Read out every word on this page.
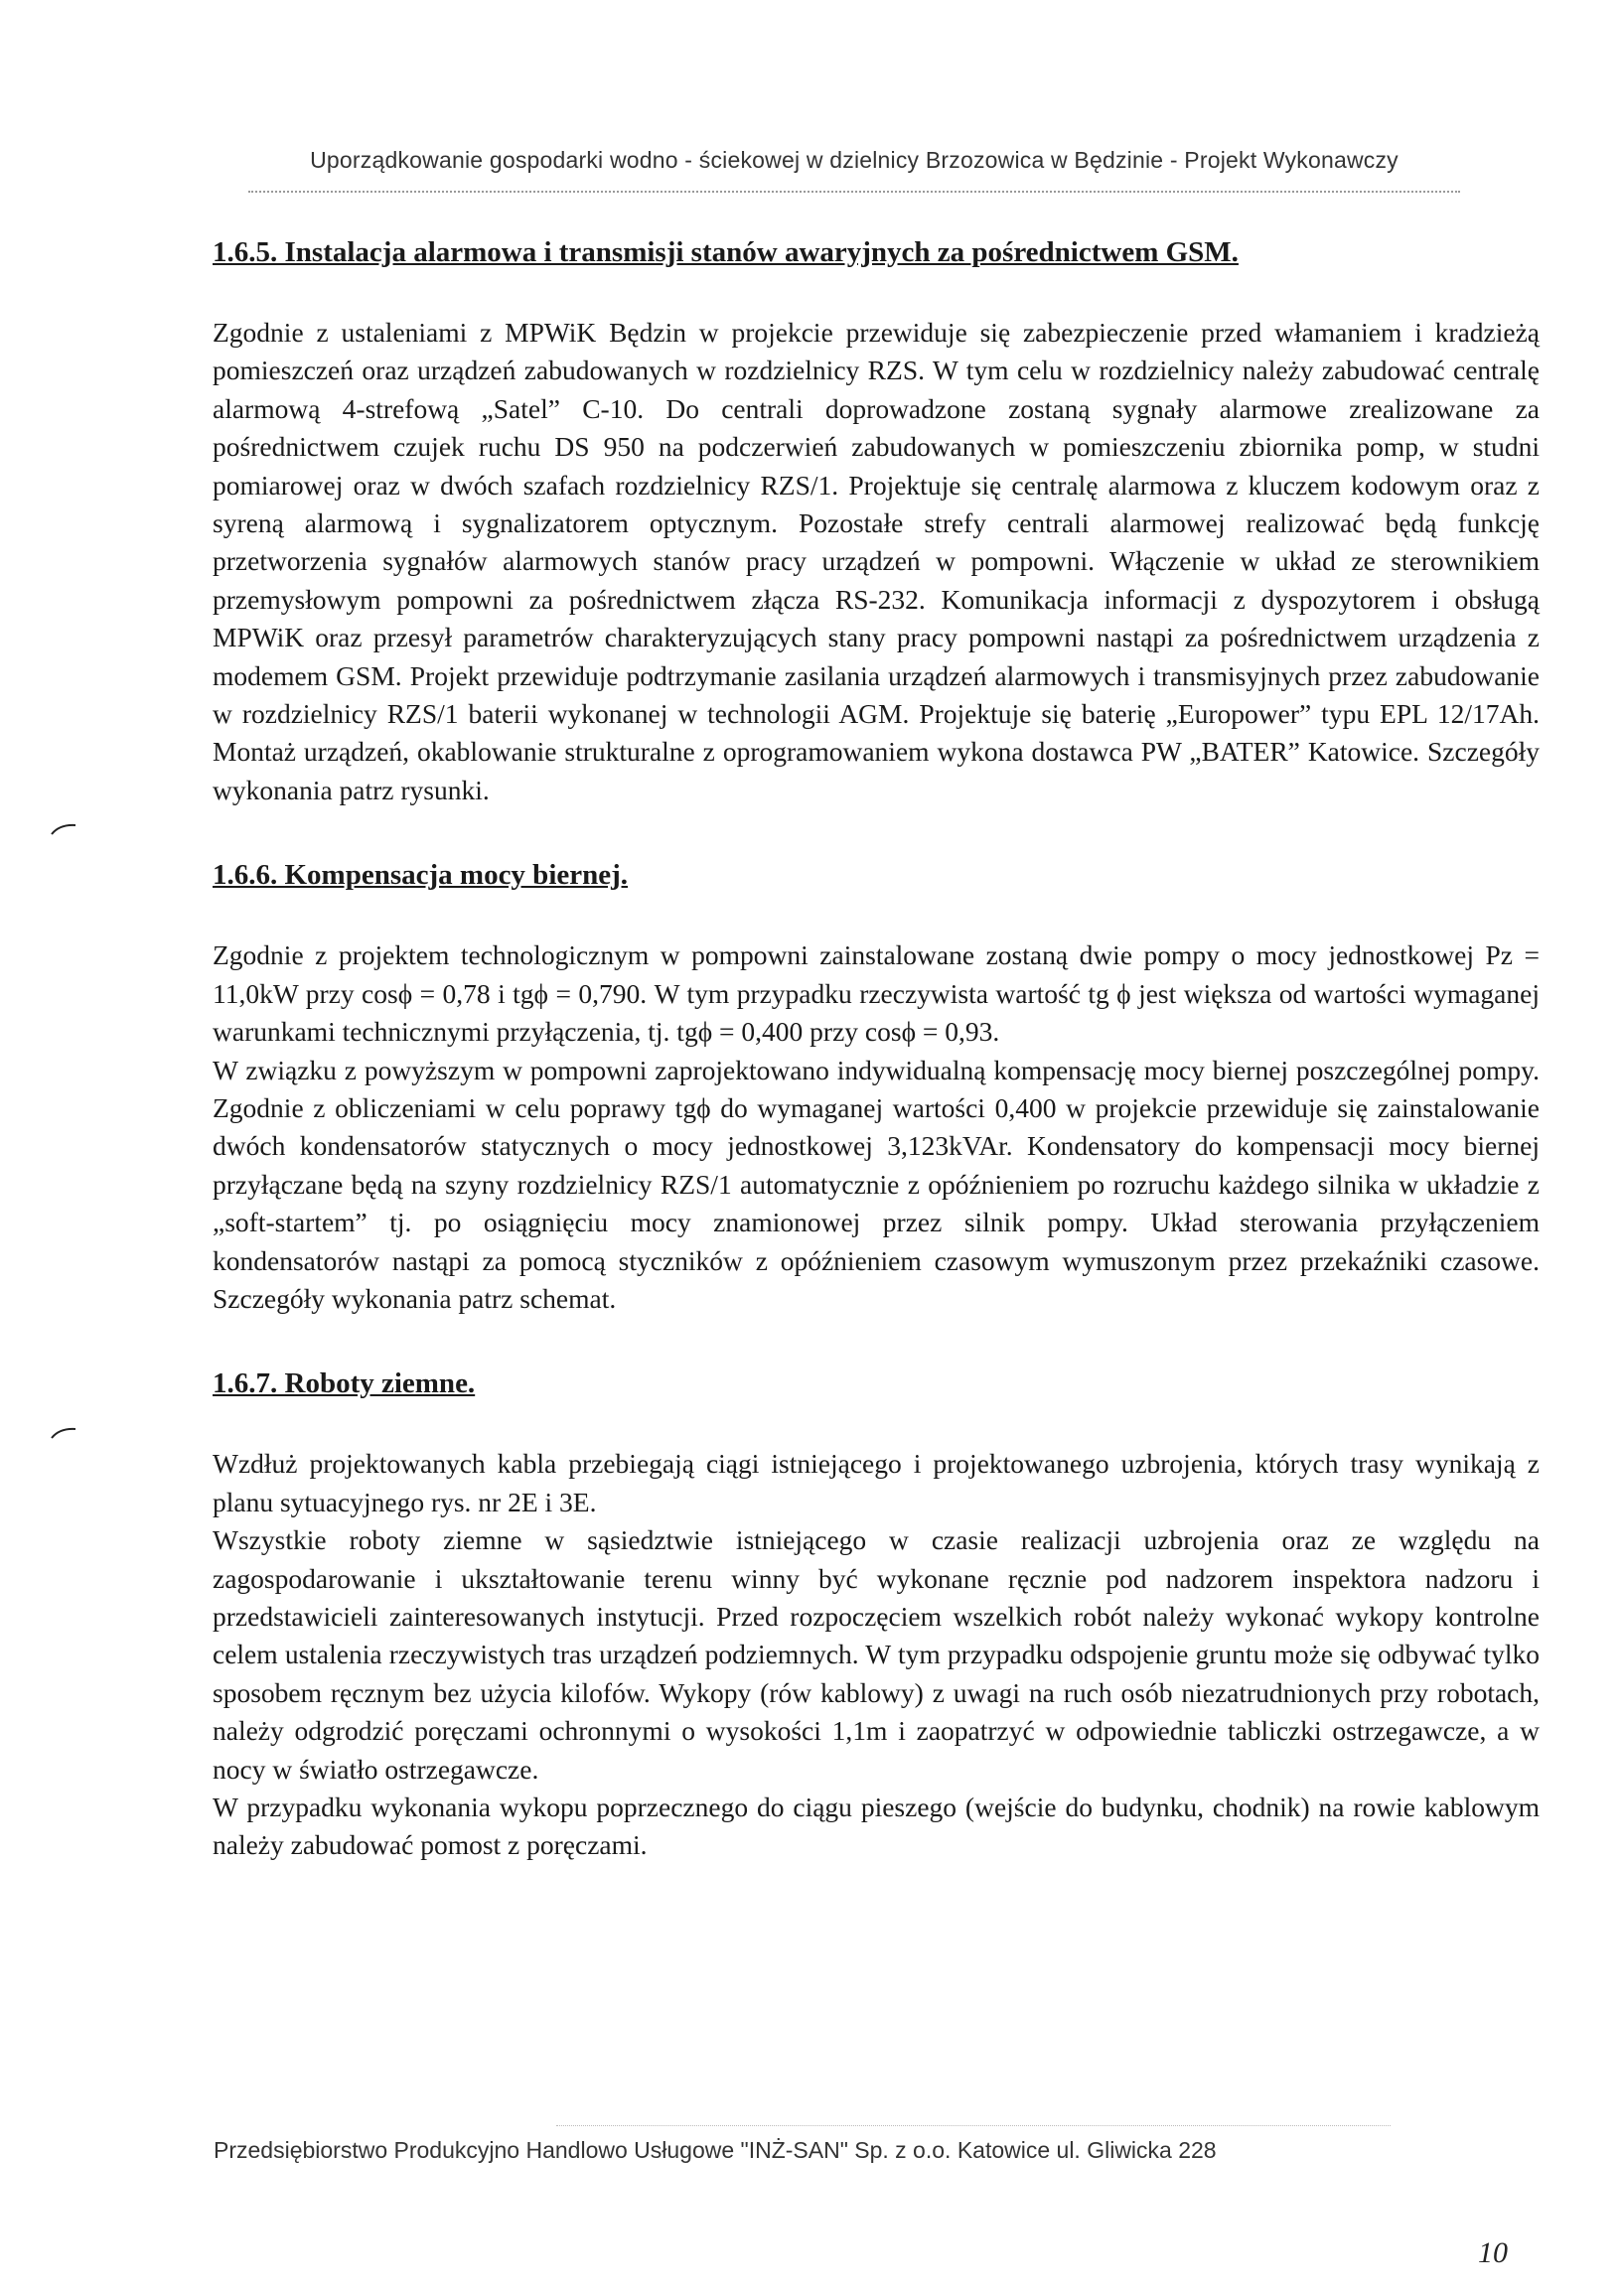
Uporządkowanie gospodarki wodno - ściekowej w dzielnicy Brzozowica w Będzinie - Projekt Wykonawczy
1.6.5. Instalacja alarmowa i transmisji stanów awaryjnych za pośrednictwem GSM.

Zgodnie z ustaleniami z MPWiK Będzin w projekcie przewiduje się zabezpieczenie przed włamaniem i kradzieżą pomieszczeń oraz urządzeń zabudowanych w rozdzielnicy RZS. W tym celu w rozdzielnicy należy zabudować centralę alarmową 4-strefową „Satel” C-10. Do centrali doprowadzone zostaną sygnały alarmowe zrealizowane za pośrednictwem czujek ruchu DS 950 na podczerwień zabudowanych w pomieszczeniu zbiornika pomp, w studni pomiarowej oraz w dwóch szafach rozdzielnicy RZS/1. Projektuje się centralę alarmowa z kluczem kodowym oraz z syreną alarmową i sygnalizatorem optycznym. Pozostałe strefy centrali alarmowej realizować będą funkcję przetworzenia sygnałów alarmowych stanów pracy urządzeń w pompowni. Włączenie w układ ze sterownikiem przemysłowym pompowni za pośrednictwem złącza RS-232. Komunikacja informacji z dyspozytorem i obsługą MPWiK oraz przesył parametrów charakteryzujących stany pracy pompowni nastąpi za pośrednictwem urządzenia z modemem GSM. Projekt przewiduje podtrzymanie zasilania urządzeń alarmowych i transmisyjnych przez zabudowanie w rozdzielnicy RZS/1 baterii wykonanej w technologii AGM. Projektuje się baterię „Europower” typu EPL 12/17Ah. Montaż urządzeń, okablowanie strukturalne z oprogramowaniem wykona dostawca PW „BATER” Katowice. Szczegóły wykonania patrz rysunki.

1.6.6. Kompensacja mocy biernej.

Zgodnie z projektem technologicznym w pompowni zainstalowane zostaną dwie pompy o mocy jednostkowej Pz = 11,0kW przy cosϕ = 0,78 i tgϕ = 0,790. W tym przypadku rzeczywista wartość tg ϕ jest większa od wartości wymaganej warunkami technicznymi przyłączenia, tj. tgϕ = 0,400 przy cosϕ = 0,93.

W związku z powyższym w pompowni zaprojektowano indywidualną kompensację mocy biernej poszczególnej pompy. Zgodnie z obliczeniami w celu poprawy tgϕ do wymaganej wartości 0,400 w projekcie przewiduje się zainstalowanie dwóch kondensatorów statycznych o mocy jednostkowej 3,123kVAr. Kondensatory do kompensacji mocy biernej przyłączane będą na szyny rozdzielnicy RZS/1 automatycznie z opóźnieniem po rozruchu każdego silnika w układzie z „soft-startem” tj. po osiągnięciu mocy znamionowej przez silnik pompy. Układ sterowania przyłączeniem kondensatorów nastąpi za pomocą styczników z opóźnieniem czasowym wymuszonym przez przekaźniki czasowe. Szczegóły wykonania patrz schemat.

1.6.7. Roboty ziemne.

Wzdłuż projektowanych kabla przebiegają ciągi istniejącego i projektowanego uzbrojenia, których trasy wynikają z planu sytuacyjnego rys. nr 2E i 3E.

Wszystkie roboty ziemne w sąsiedztwie istniejącego w czasie realizacji uzbrojenia oraz ze względu na zagospodarowanie i ukształtowanie terenu winny być wykonane ręcznie pod nadzorem inspektora nadzoru i przedstawicieli zainteresowanych instytucji. Przed rozpoczęciem wszelkich robót należy wykonać wykopy kontrolne celem ustalenia rzeczywistych tras urządzeń podziemnych. W tym przypadku odspojenie gruntu może się odbywać tylko sposobem ręcznym bez użycia kilofów. Wykopy (rów kablowy) z uwagi na ruch osób niezatrudnionych przy robotach, należy odgrodzić poręczami ochronnymi o wysokości 1,1m i zaopatrzyć w odpowiednie tabliczki ostrzegawcze, a w nocy w światło ostrzegawcze.

W przypadku wykonania wykopu poprzecznego do ciągu pieszego (wejście do budynku, chodnik) na rowie kablowym należy zabudować pomost z poręczami.

Przedsiębiorstwo Produkcyjno Handlowo Usługowe "INŻ-SAN" Sp. z o.o. Katowice ul. Gliwicka 228
10
